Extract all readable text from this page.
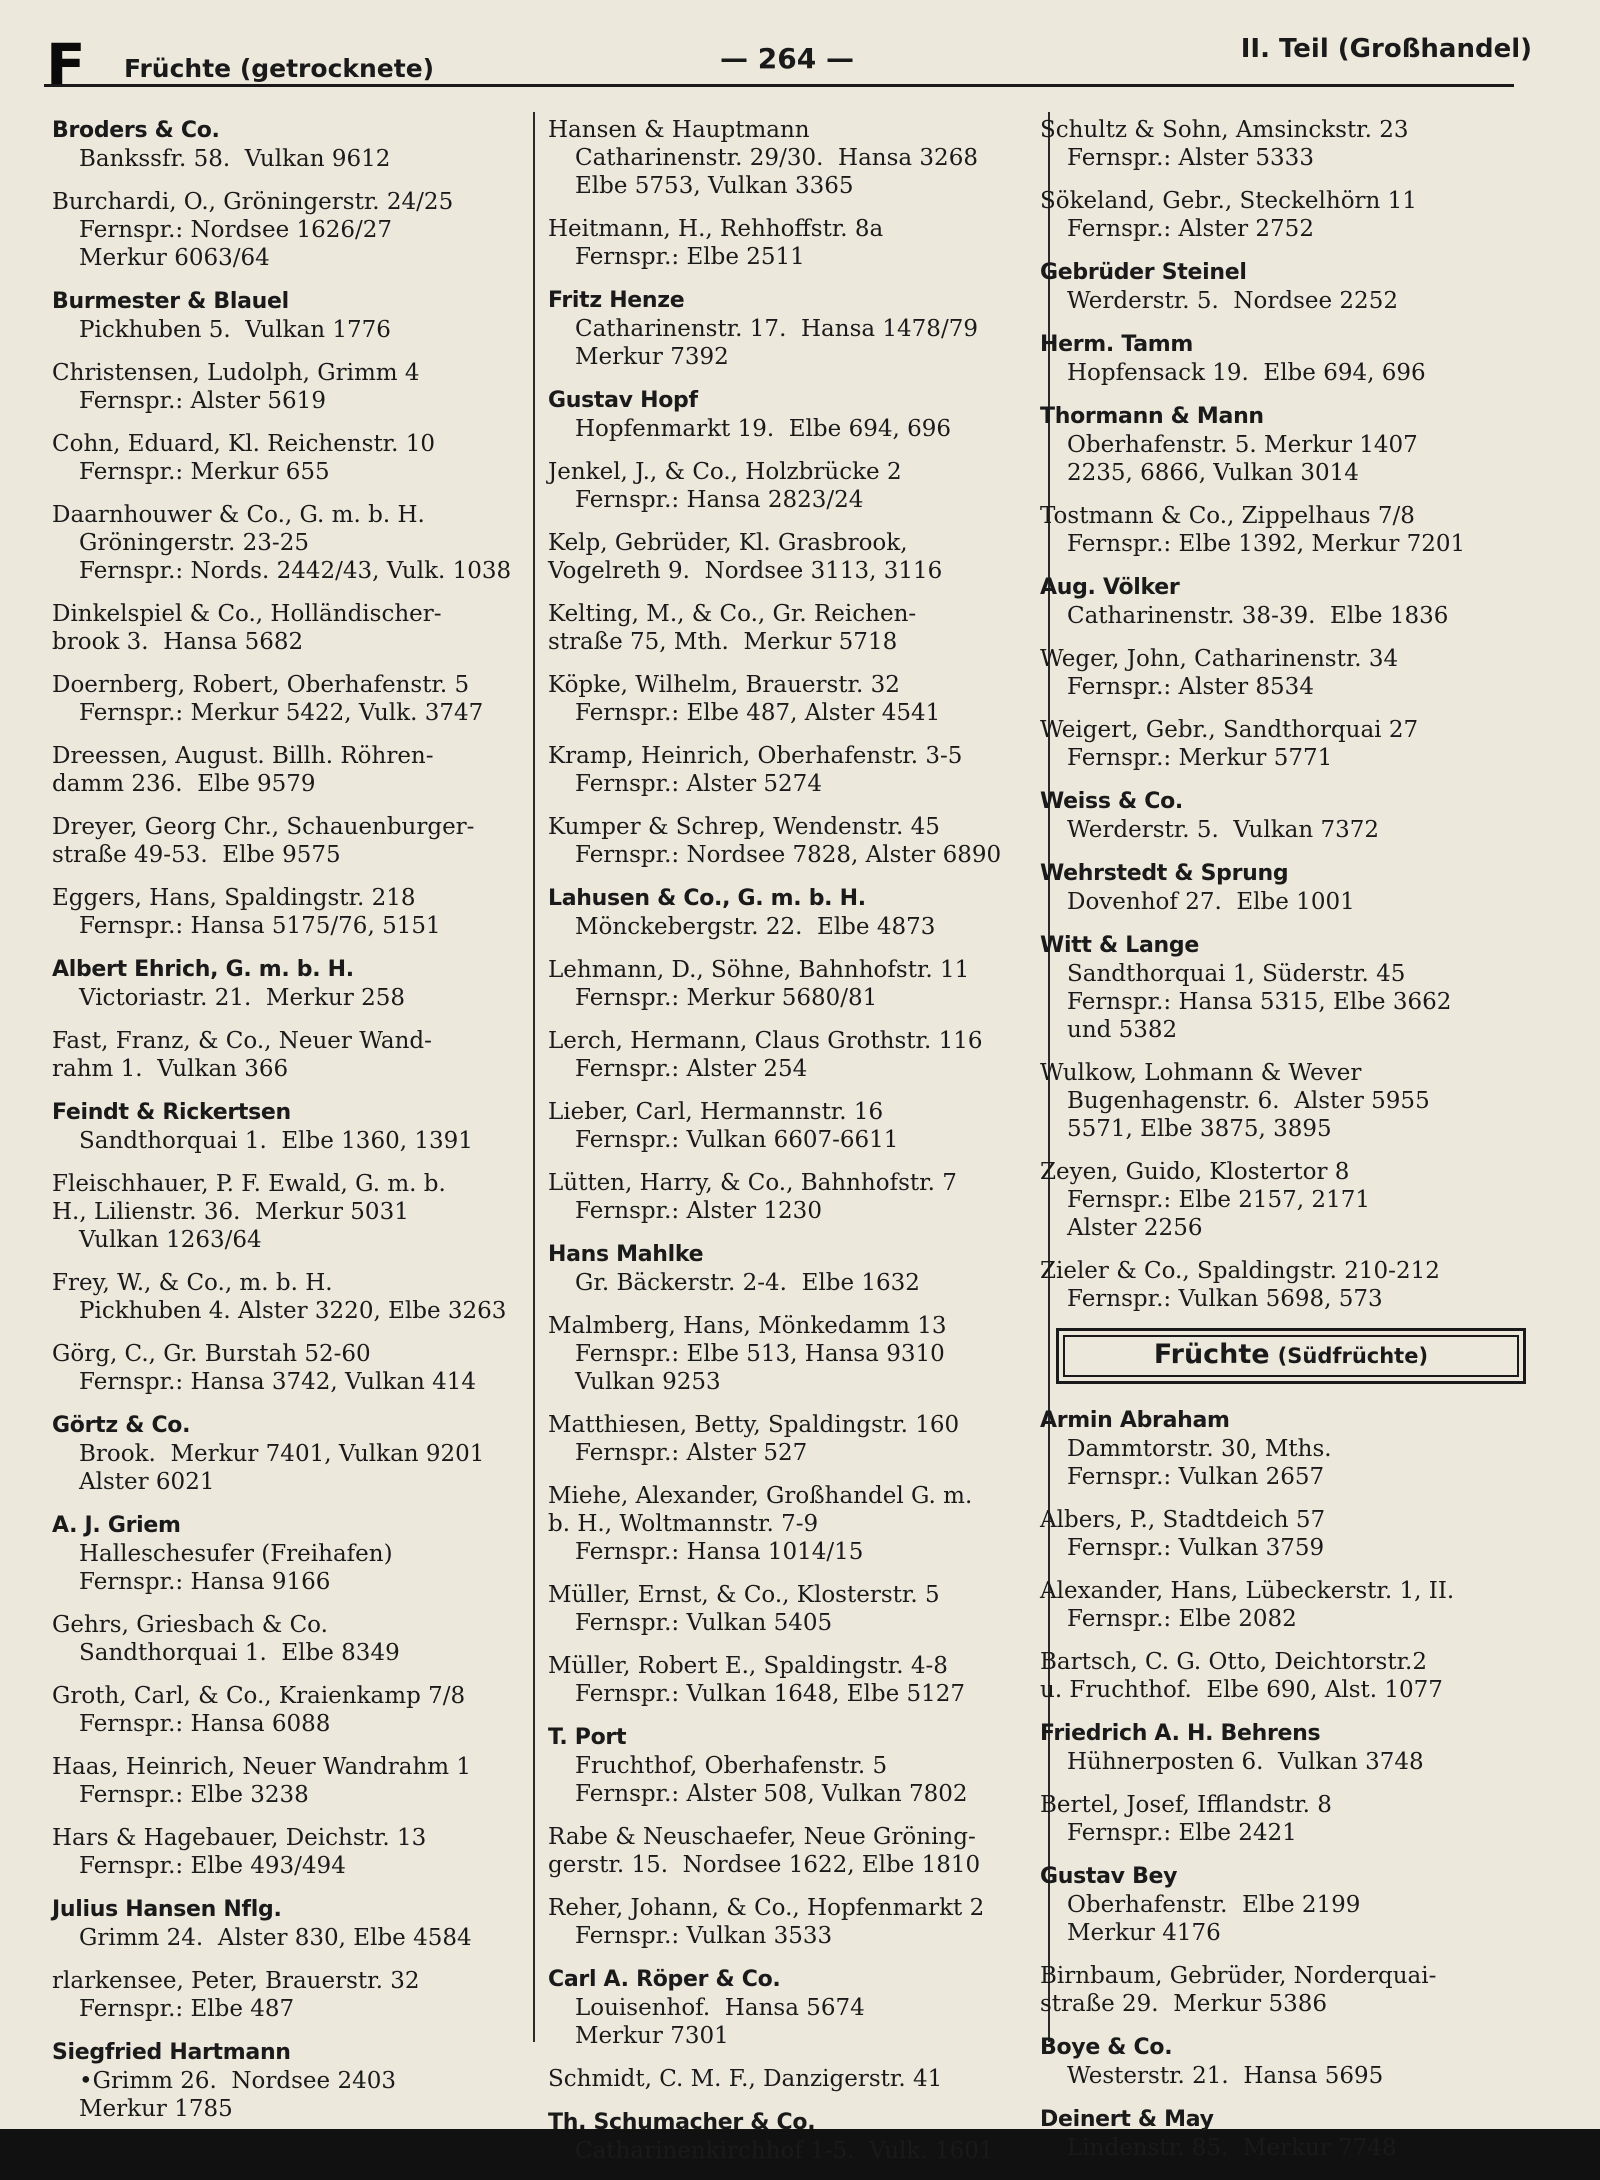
F Früchte (getrocknete)	— 264 —	II. Teil (Großhandel)
Broders & Co.
Bankssfr. 58.  Vulkan 9612
Burchardi, O., Gröningerstr. 24/25
Fernspr.: Nordsee 1626/27
Merkur 6063/64
Burmester & Blauel
Pickhuben 5.  Vulkan 1776
Christensen, Ludolph, Grimm 4
Fernspr.: Alster 5619
Cohn, Eduard, Kl. Reichenstr. 10
Fernspr.: Merkur 655
Daarnhouwer & Co., G. m. b. H.
Gröningerstr. 23-25
Fernspr.: Nords. 2442/43, Vulk. 1038
Dinkelspiel & Co., Holländischer-
brook 3.  Hansa 5682
Doernberg, Robert, Oberhafenstr. 5
Fernspr.: Merkur 5422, Vulk. 3747
Dreessen, August. Billh. Röhren-
damm 236.  Elbe 9579
Dreyer, Georg Chr., Schauenburger-
straße 49-53.  Elbe 9575
Eggers, Hans, Spaldingstr. 218
Fernspr.: Hansa 5175/76, 5151
Albert Ehrich, G. m. b. H.
Victoriastr. 21.  Merkur 258
Fast, Franz, & Co., Neuer Wand-
rahm 1.  Vulkan 366
Feindt & Rickertsen
Sandthorquai 1.  Elbe 1360, 1391
Fleischhauer, P. F. Ewald, G. m. b.
H., Lilienstr. 36.  Merkur 5031
Vulkan 1263/64
Frey, W., & Co., m. b. H.
Pickhuben 4. Alster 3220, Elbe 3263
Görg, C., Gr. Burstah 52-60
Fernspr.: Hansa 3742, Vulkan 414
Görtz & Co.
Brook.  Merkur 7401, Vulkan 9201
Alster 6021
A. J. Griem
Halleschesufer (Freihafen)
Fernspr.: Hansa 9166
Gehrs, Griesbach & Co.
Sandthorquai 1.  Elbe 8349
Groth, Carl, & Co., Kraienkamp 7/8
Fernspr.: Hansa 6088
Haas, Heinrich, Neuer Wandrahm 1
Fernspr.: Elbe 3238
Hars & Hagebauer, Deichstr. 13
Fernspr.: Elbe 493/494
Julius Hansen Nflg.
Grimm 24.  Alster 830, Elbe 4584
rlarkensee, Peter, Brauerstr. 32
Fernspr.: Elbe 487
Siegfried Hartmann
•Grimm 26.  Nordsee 2403
Merkur 1785
Hansen & Hauptmann
Catharinenstr. 29/30.  Hansa 3268
Elbe 5753, Vulkan 3365
Heitmann, H., Rehhoffstr. 8a
Fernspr.: Elbe 2511
Fritz Henze
Catharinenstr. 17.  Hansa 1478/79
Merkur 7392
Gustav Hopf
Hopfenmarkt 19.  Elbe 694, 696
Jenkel, J., & Co., Holzbrücke 2
Fernspr.: Hansa 2823/24
Kelp, Gebrüder, Kl. Grasbrook,
Vogelreth 9.  Nordsee 3113, 3116
Kelting, M., & Co., Gr. Reichen-
straße 75, Mth.  Merkur 5718
Köpke, Wilhelm, Brauerstr. 32
Fernspr.: Elbe 487, Alster 4541
Kramp, Heinrich, Oberhafenstr. 3-5
Fernspr.: Alster 5274
Kumper & Schrep, Wendenstr. 45
Fernspr.: Nordsee 7828, Alster 6890
Lahusen & Co., G. m. b. H.
Mönckebergstr. 22.  Elbe 4873
Lehmann, D., Söhne, Bahnhofstr. 11
Fernspr.: Merkur 5680/81
Lerch, Hermann, Claus Grothstr. 116
Fernspr.: Alster 254
Lieber, Carl, Hermannstr. 16
Fernspr.: Vulkan 6607-6611
Lütten, Harry, & Co., Bahnhofstr. 7
Fernspr.: Alster 1230
Hans Mahlke
Gr. Bäckerstr. 2-4.  Elbe 1632
Malmberg, Hans, Mönkedamm 13
Fernspr.: Elbe 513, Hansa 9310
Vulkan 9253
Matthiesen, Betty, Spaldingstr. 160
Fernspr.: Alster 527
Miehe, Alexander, Großhandel G. m.
b. H., Woltmannstr. 7-9
Fernspr.: Hansa 1014/15
Müller, Ernst, & Co., Klosterstr. 5
Fernspr.: Vulkan 5405
Müller, Robert E., Spaldingstr. 4-8
Fernspr.: Vulkan 1648, Elbe 5127
T. Port
Fruchthof, Oberhafenstr. 5
Fernspr.: Alster 508, Vulkan 7802
Rabe & Neuschaefer, Neue Gröning-
gerstr. 15.  Nordsee 1622, Elbe 1810
Reher, Johann, & Co., Hopfenmarkt 2
Fernspr.: Vulkan 3533
Carl A. Röper & Co.
Louisenhof.  Hansa 5674
Merkur 7301
Schmidt, C. M. F., Danzigerstr. 41
Th. Schumacher & Co.
Catharinenkirchhof 1-5.  Vulk. 1601
Schultz & Sohn, Amsinckstr. 23
Fernspr.: Alster 5333
Sökeland, Gebr., Steckelhörn 11
Fernspr.: Alster 2752
Gebrüder Steinel
Werderstr. 5.  Nordsee 2252
Herm. Tamm
Hopfensack 19.  Elbe 694, 696
Thormann & Mann
Oberhafenstr. 5. Merkur 1407
2235, 6866, Vulkan 3014
Tostmann & Co., Zippelhaus 7/8
Fernspr.: Elbe 1392, Merkur 7201
Aug. Völker
Catharinenstr. 38-39.  Elbe 1836
Weger, John, Catharinenstr. 34
Fernspr.: Alster 8534
Weigert, Gebr., Sandthorquai 27
Fernspr.: Merkur 5771
Weiss & Co.
Werderstr. 5.  Vulkan 7372
Wehrstedt & Sprung
Dovenhof 27.  Elbe 1001
Witt & Lange
Sandthorquai 1, Süderstr. 45
Fernspr.: Hansa 5315, Elbe 3662
und 5382
Wulkow, Lohmann & Wever
Bugenhagenstr. 6.  Alster 5955
5571, Elbe 3875, 3895
Zeyen, Guido, Klostertor 8
Fernspr.: Elbe 2157, 2171
Alster 2256
Zieler & Co., Spaldingstr. 210-212
Fernspr.: Vulkan 5698, 573
Früchte (Südfrüchte)
Armin Abraham
Dammtorstr. 30, Mths.
Fernspr.: Vulkan 2657
Albers, P., Stadtdeich 57
Fernspr.: Vulkan 3759
Alexander, Hans, Lübeckerstr. 1, II.
Fernspr.: Elbe 2082
Bartsch, C. G. Otto, Deichtorstr.2
u. Fruchthof.  Elbe 690, Alst. 1077
Friedrich A. H. Behrens
Hühnerposten 6.  Vulkan 3748
Bertel, Josef, Ifflandstr. 8
Fernspr.: Elbe 2421
Gustav Bey
Oberhafenstr.  Elbe 2199
Merkur 4176
Birnbaum, Gebrüder, Norderquai-
straße 29.  Merkur 5386
Boye & Co.
Westerstr. 21.  Hansa 5695
Deinert & May
Lindenstr. 85.  Merkur 7748
